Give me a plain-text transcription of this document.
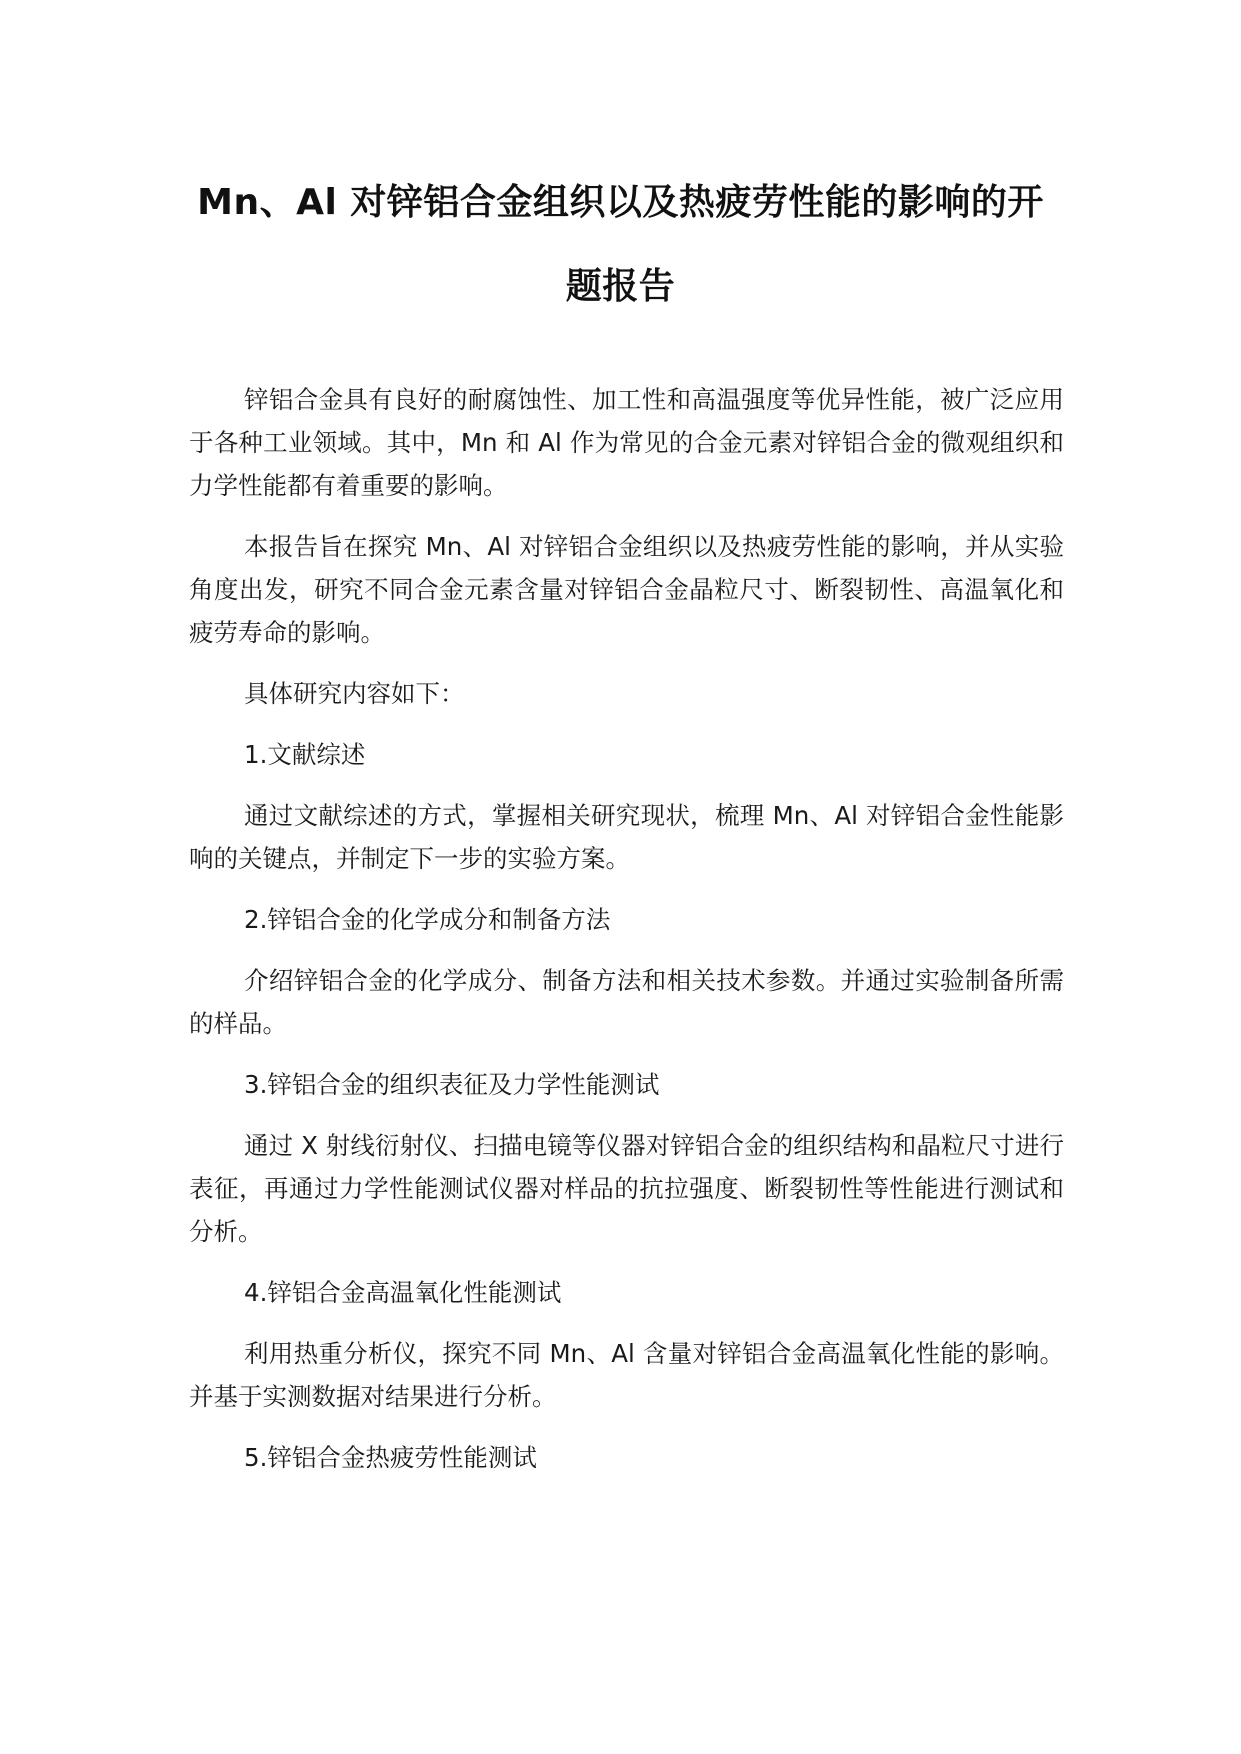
Mn、Al 对锌铝合金组织以及热疲劳性能的影响的开
题报告

锌铝合金具有良好的耐腐蚀性、加工性和高温强度等优异性能，被广泛应用于各种工业领域。其中，Mn 和 Al 作为常见的合金元素对锌铝合金的微观组织和力学性能都有着重要的影响。

本报告旨在探究 Mn、Al 对锌铝合金组织以及热疲劳性能的影响，并从实验角度出发，研究不同合金元素含量对锌铝合金晶粒尺寸、断裂韧性、高温氧化和疲劳寿命的影响。

具体研究内容如下：

1.文献综述

通过文献综述的方式，掌握相关研究现状，梳理 Mn、Al 对锌铝合金性能影响的关键点，并制定下一步的实验方案。

2.锌铝合金的化学成分和制备方法

介绍锌铝合金的化学成分、制备方法和相关技术参数。并通过实验制备所需的样品。

3.锌铝合金的组织表征及力学性能测试

通过 X 射线衍射仪、扫描电镜等仪器对锌铝合金的组织结构和晶粒尺寸进行表征，再通过力学性能测试仪器对样品的抗拉强度、断裂韧性等性能进行测试和分析。

4.锌铝合金高温氧化性能测试

利用热重分析仪，探究不同 Mn、Al 含量对锌铝合金高温氧化性能的影响。并基于实测数据对结果进行分析。

5.锌铝合金热疲劳性能测试
